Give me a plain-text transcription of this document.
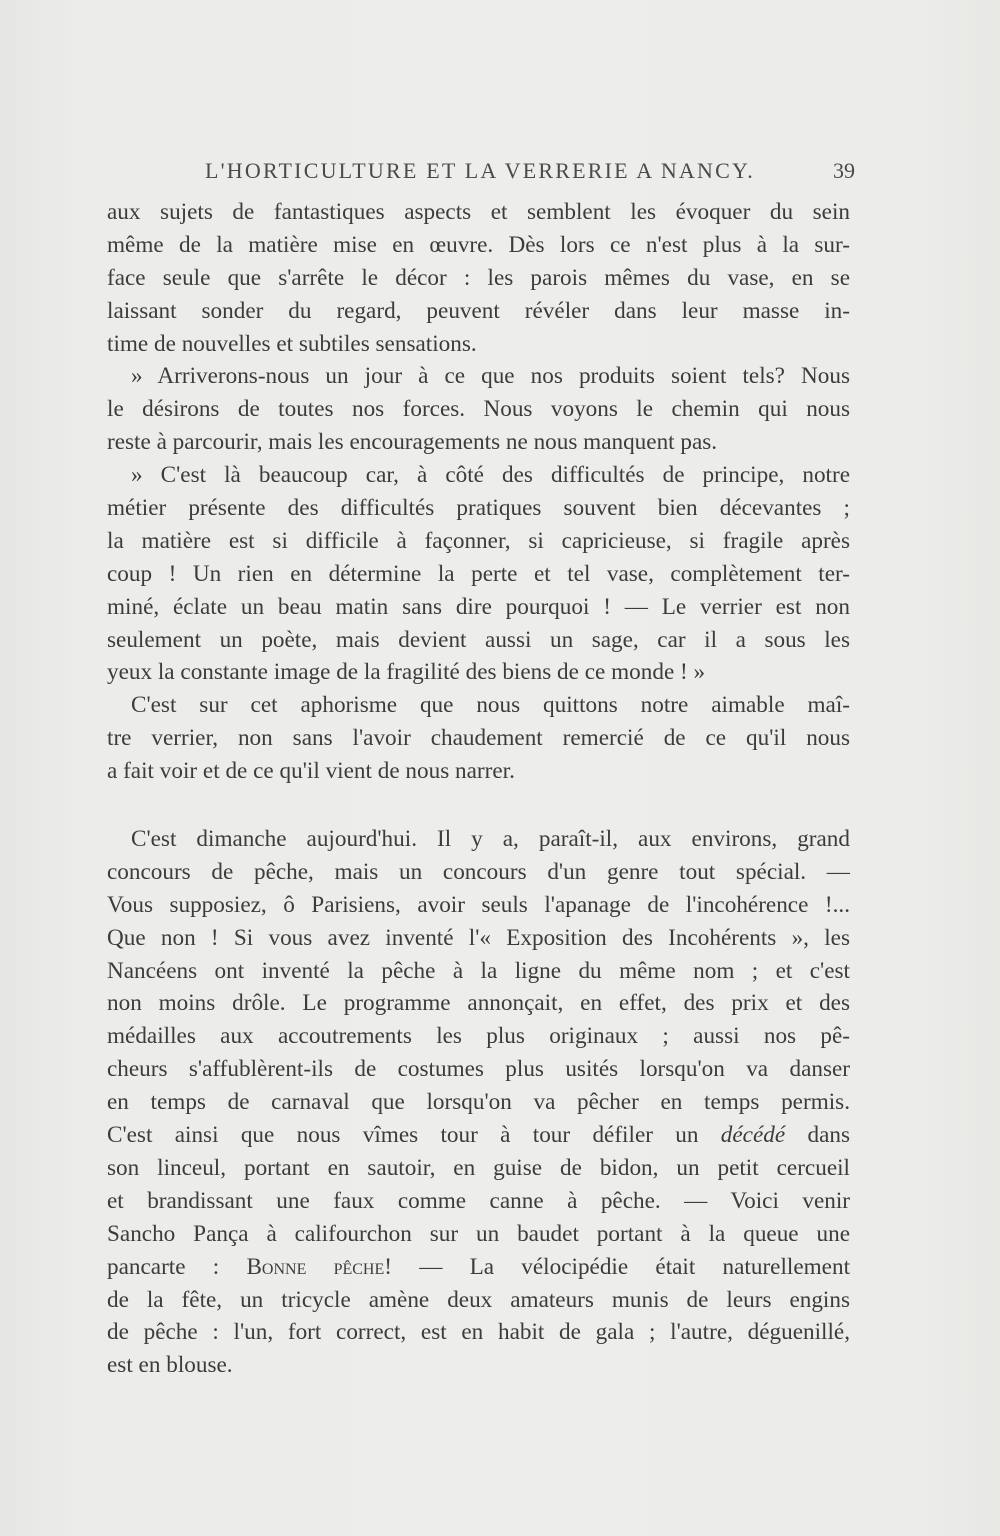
L'HORTICULTURE ET LA VERRERIE A NANCY.	39
aux sujets de fantastiques aspects et semblent les évoquer du sein
même de la matière mise en œuvre. Dès lors ce n'est plus à la sur-
face seule que s'arrête le décor : les parois mêmes du vase, en se
laissant sonder du regard, peuvent révéler dans leur masse in-
time de nouvelles et subtiles sensations.
» Arriverons-nous un jour à ce que nos produits soient tels? Nous
le désirons de toutes nos forces. Nous voyons le chemin qui nous
reste à parcourir, mais les encouragements ne nous manquent pas.
» C'est là beaucoup car, à côté des difficultés de principe, notre
métier présente des difficultés pratiques souvent bien décevantes ;
la matière est si difficile à façonner, si capricieuse, si fragile après
coup ! Un rien en détermine la perte et tel vase, complètement ter-
miné, éclate un beau matin sans dire pourquoi ! — Le verrier est non
seulement un poète, mais devient aussi un sage, car il a sous les
yeux la constante image de la fragilité des biens de ce monde ! »
C'est sur cet aphorisme que nous quittons notre aimable maî-
tre verrier, non sans l'avoir chaudement remercié de ce qu'il nous
a fait voir et de ce qu'il vient de nous narrer.
C'est dimanche aujourd'hui. Il y a, paraît-il, aux environs, grand
concours de pêche, mais un concours d'un genre tout spécial. —
Vous supposiez, ô Parisiens, avoir seuls l'apanage de l'incohérence !...
Que non ! Si vous avez inventé l'« Exposition des Incohérents », les
Nancéens ont inventé la pêche à la ligne du même nom ; et c'est
non moins drôle. Le programme annonçait, en effet, des prix et des
médailles aux accoutrements les plus originaux ; aussi nos pê-
cheurs s'affublèrent-ils de costumes plus usités lorsqu'on va danser
en temps de carnaval que lorsqu'on va pêcher en temps permis.
C'est ainsi que nous vîmes tour à tour défiler un décédé dans
son linceul, portant en sautoir, en guise de bidon, un petit cercueil
et brandissant une faux comme canne à pêche. — Voici venir
Sancho Pança à califourchon sur un baudet portant à la queue une
pancarte : Bonne pêche! — La vélocipédie était naturellement
de la fête, un tricycle amène deux amateurs munis de leurs engins
de pêche : l'un, fort correct, est en habit de gala ; l'autre, déguenillé,
est en blouse.
